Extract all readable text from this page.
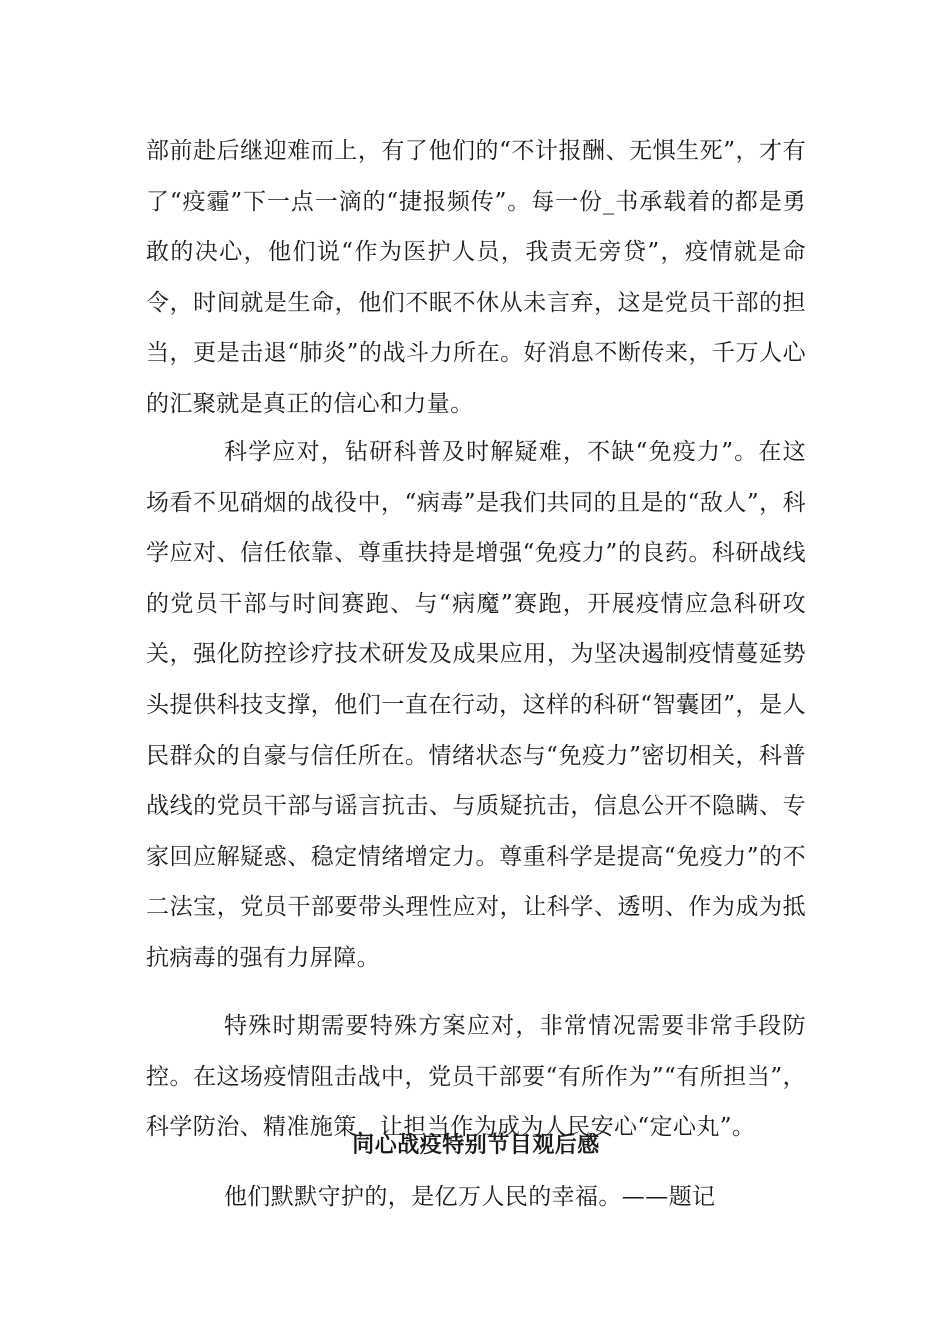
部前赴后继迎难而上，有了他们的“不计报酬、无惧生死”，才有了“疫霾”下一点一滴的“捷报频传”。每一份_书承载着的都是勇敢的决心，他们说“作为医护人员，我责无旁贷”，疫情就是命令，时间就是生命，他们不眠不休从未言弃，这是党员干部的担当，更是击退“肺炎”的战斗力所在。好消息不断传来，千万人心的汇聚就是真正的信心和力量。

科学应对，钻研科普及时解疑难，不缺“免疫力”。在这场看不见硝烟的战役中，“病毒”是我们共同的且是的“敌人”，科学应对、信任依靠、尊重扶持是增强“免疫力”的良药。科研战线的党员干部与时间赛跑、与“病魔”赛跑，开展疫情应急科研攻关，强化防控诊疗技术研发及成果应用，为坚决遏制疫情蔓延势头提供科技支撑，他们一直在行动，这样的科研“智囊团”，是人民群众的自豪与信任所在。情绪状态与“免疫力”密切相关，科普战线的党员干部与谣言抗击、与质疑抗击，信息公开不隐瞒、专家回应解疑惑、稳定情绪增定力。尊重科学是提高“免疫力”的不二法宝，党员干部要带头理性应对，让科学、透明、作为成为抵抗病毒的强有力屏障。

特殊时期需要特殊方案应对，非常情况需要非常手段防控。在这场疫情阻击战中，党员干部要“有所作为”“有所担当”，科学防治、精准施策，让担当作为成为人民安心“定心丸”。

同心战疫特别节目观后感

他们默默守护的，是亿万人民的幸福。——题记
